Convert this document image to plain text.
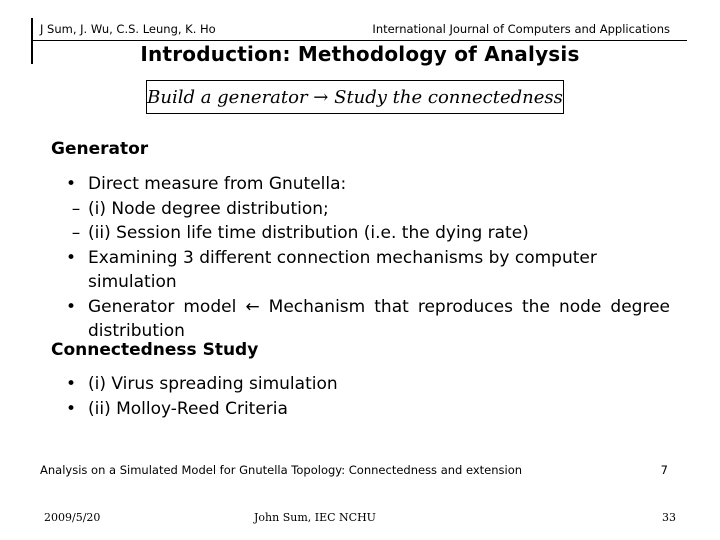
J Sum, J. Wu, C.S. Leung, K. Ho	International Journal of Computers and Applications
Introduction: Methodology of Analysis
Build a generator → Study the connectedness
Generator
• Direct measure from Gnutella:
– (i) Node degree distribution;
– (ii) Session life time distribution (i.e. the dying rate)
• Examining 3 different connection mechanisms by computer simulation
• Generator model ← Mechanism that reproduces the node degree
distribution
Connectedness Study
• (i) Virus spreading simulation
• (ii) Molloy-Reed Criteria
Analysis on a Simulated Model for Gnutella Topology: Connectedness and extension	7
2009/5/20	John Sum, IEC NCHU	33
